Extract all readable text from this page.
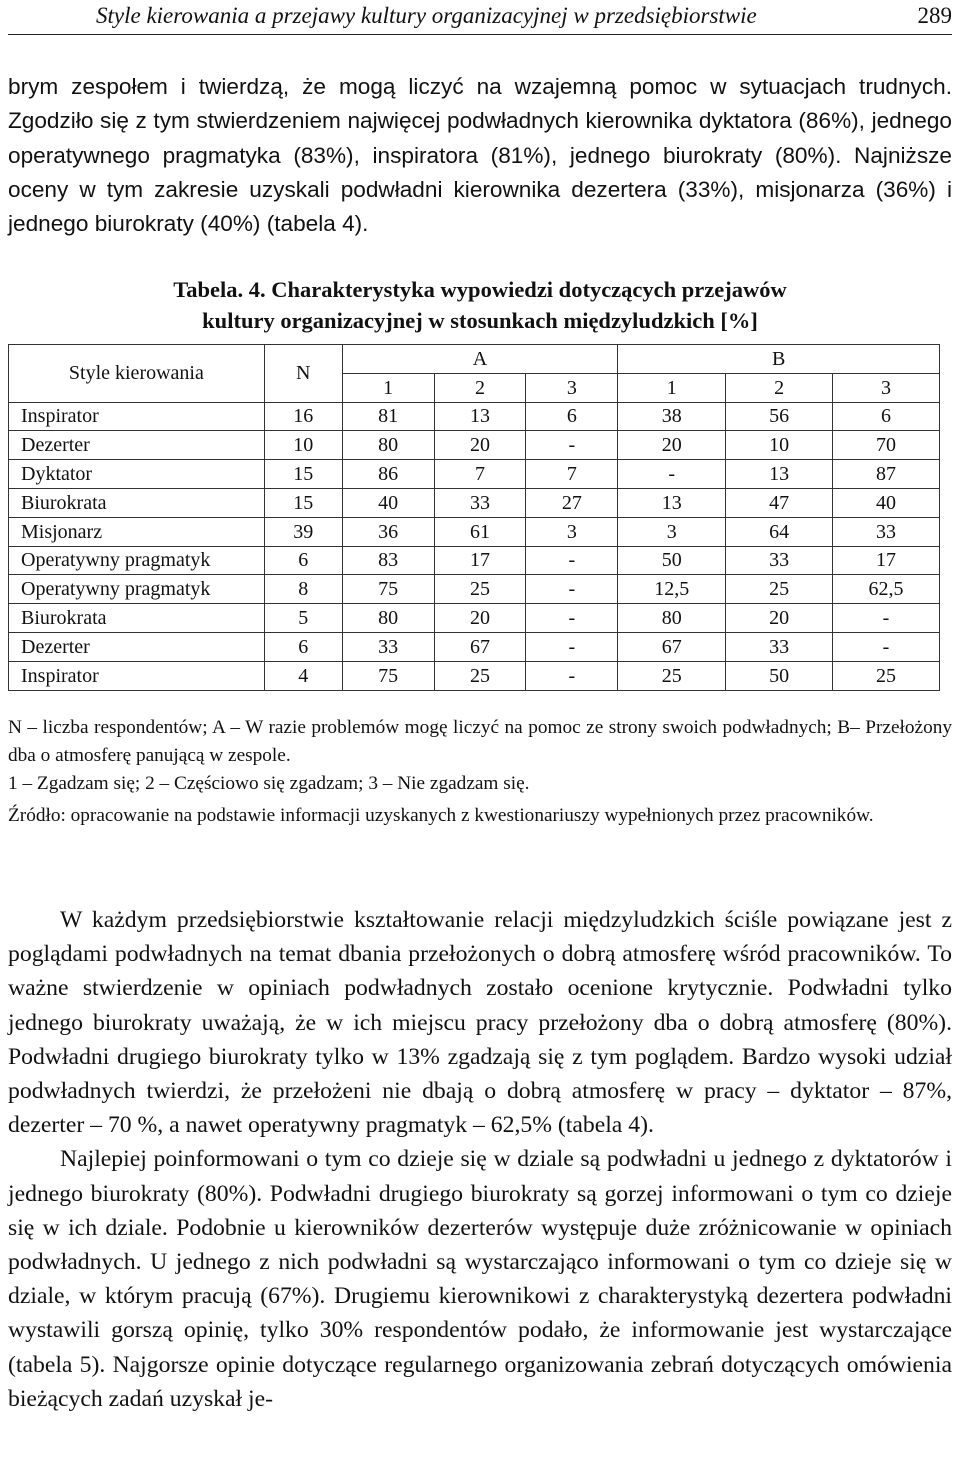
Style kierowania a przejawy kultury organizacyjnej w przedsiębiorstwie	289

brym zespołem i twierdzą, że mogą liczyć na wzajemną pomoc w sytuacjach trudnych. Zgodziło się z tym stwierdzeniem najwięcej podwładnych kierownika dyktatora (86%), jednego operatywnego pragmatyka (83%), inspiratora (81%), jednego biurokraty (80%). Najniższe oceny w tym zakresie uzyskali podwładni kierownika dezertera (33%), misjonarza (36%) i jednego biurokraty (40%) (tabela 4).

Tabela. 4. Charakterystyka wypowiedzi dotyczących przejawów
kultury organizacyjnej w stosunkach międzyludzkich [%]
Style kierowania	N	A			B		
		1	2	3	1	2	3
Inspirator	16	81	13	6	38	56	6
Dezerter	10	80	20	-	20	10	70
Dyktator	15	86	7	7	-	13	87
Biurokrata	15	40	33	27	13	47	40
Misjonarz	39	36	61	3	3	64	33
Operatywny pragmatyk	6	83	17	-	50	33	17
Operatywny pragmatyk	8	75	25	-	12,5	25	62,5
Biurokrata	5	80	20	-	80	20	-
Dezerter	6	33	67	-	67	33	-
Inspirator	4	75	25	-	25	50	25

N – liczba respondentów; A – W razie problemów mogę liczyć na pomoc ze strony swoich podwładnych; B– Przełożony dba o atmosferę panującą w zespole.

1 – Zgadzam się; 2 – Częściowo się zgadzam; 3 – Nie zgadzam się.

Źródło: opracowanie na podstawie informacji uzyskanych z kwestionariuszy wypełnionych przez pracowników.

W każdym przedsiębiorstwie kształtowanie relacji międzyludzkich ściśle powiązane jest z poglądami podwładnych na temat dbania przełożonych o dobrą atmosferę wśród pracowników. To ważne stwierdzenie w opiniach podwładnych zostało ocenione krytycznie. Podwładni tylko jednego biurokraty uważają, że w ich miejscu pracy przełożony dba o dobrą atmosferę (80%). Podwładni drugiego biurokraty tylko w 13% zgadzają się z tym poglądem. Bardzo wysoki udział podwładnych twierdzi, że przełożeni nie dbają o dobrą atmosferę w pracy – dyktator – 87%, dezerter – 70 %, a nawet operatywny pragmatyk – 62,5% (tabela 4).

Najlepiej poinformowani o tym co dzieje się w dziale są podwładni u jednego z dyktatorów i jednego biurokraty (80%). Podwładni drugiego biurokraty są gorzej informowani o tym co dzieje się w ich dziale. Podobnie u kierowników dezerterów występuje duże zróżnicowanie w opiniach podwładnych. U jednego z nich podwładni są wystarczająco informowani o tym co dzieje się w dziale, w którym pracują (67%). Drugiemu kierownikowi z charakterystyką dezertera podwładni wystawili gorszą opinię, tylko 30% respondentów podało, że informowanie jest wystarczające (tabela 5). Najgorsze opinie dotyczące regularnego organizowania zebrań dotyczących omówienia bieżących zadań uzyskał je-
